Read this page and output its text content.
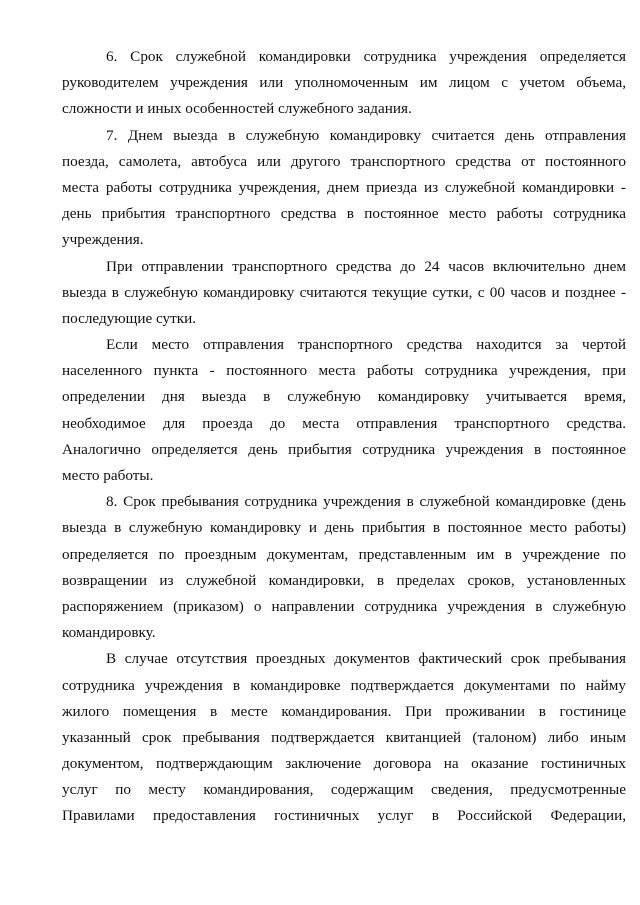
6. Срок служебной командировки сотрудника учреждения определяется
руководителем учреждения или уполномоченным им лицом с учетом объема,
сложности и иных особенностей служебного задания.
7. Днем выезда в служебную командировку считается день отправления
поезда, самолета, автобуса или другого транспортного средства от постоянного
места работы сотрудника учреждения, днем приезда из служебной командировки -
день прибытия транспортного средства в постоянное место работы сотрудника
учреждения.
При отправлении транспортного средства до 24 часов включительно днем
выезда в служебную командировку считаются текущие сутки, с 00 часов и позднее -
последующие сутки.
Если место отправления транспортного средства находится за чертой
населенного пункта - постоянного места работы сотрудника учреждения, при
определении дня выезда в служебную командировку учитывается время,
необходимое для проезда до места отправления транспортного средства.
Аналогично определяется день прибытия сотрудника учреждения в постоянное
место работы.
8. Срок пребывания сотрудника учреждения в служебной командировке (день
выезда в служебную командировку и день прибытия в постоянное место работы)
определяется по проездным документам, представленным им в учреждение по
возвращении из служебной командировки, в пределах сроков, установленных
распоряжением (приказом) о направлении сотрудника учреждения в служебную
командировку.
В случае отсутствия проездных документов фактический срок пребывания
сотрудника учреждения в командировке подтверждается документами по найму
жилого помещения в месте командирования. При проживании в гостинице
указанный срок пребывания подтверждается квитанцией (талоном) либо иным
документом, подтверждающим заключение договора на оказание гостиничных
услуг по месту командирования, содержащим сведения, предусмотренные
Правилами предоставления гостиничных услуг в Российской Федерации,
